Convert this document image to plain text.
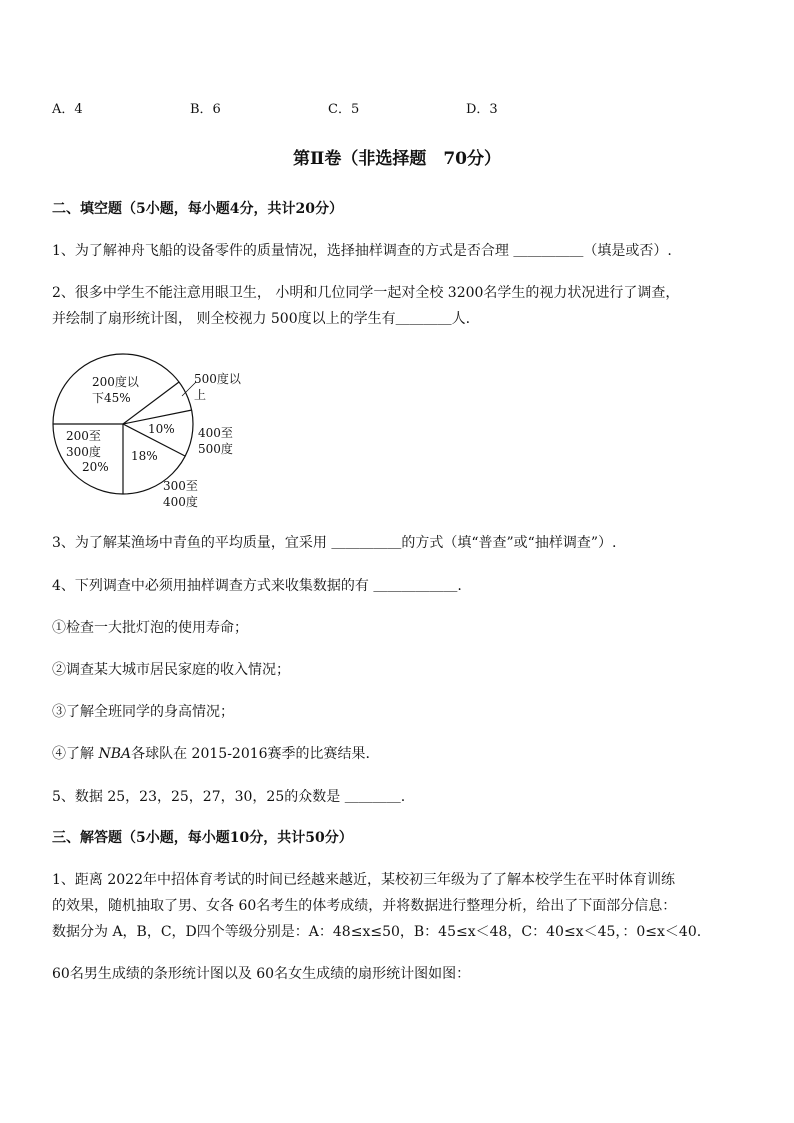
A．4	B．6	C．5	D．3
第Ⅱ卷（非选择题　70分）
二、填空题（5小题，每小题4分，共计20分）
1、为了解神舟飞船的设备零件的质量情况，选择抽样调查的方式是否合理 ＿＿＿＿＿（填是或否）.
2、很多中学生不能注意用眼卫生， 小明和几位同学一起对全校 3200名学生的视力状况进行了调查，
并绘制了扇形统计图， 则全校视力 500度以上的学生有＿＿＿＿人.
200度以
下45%
10%
200至
300度
20%
18%
500度以
上
400至
500度
300至
400度
3、为了解某渔场中青鱼的平均质量，宜采用 ＿＿＿＿＿的方式（填“普查”或“抽样调查”）.
4、下列调查中必须用抽样调查方式来收集数据的有 ＿＿＿＿＿＿.
①检查一大批灯泡的使用寿命；
②调查某大城市居民家庭的收入情况；
③了解全班同学的身高情况；
④了解 NBA各球队在 2015-2016赛季的比赛结果.
5、数据 25，23，25，27，30，25的众数是 ＿＿＿＿.
三、解答题（5小题，每小题10分，共计50分）
1、距离 2022年中招体育考试的时间已经越来越近，某校初三年级为了了解本校学生在平时体育训练
的效果，随机抽取了男、女各 60名考生的体考成绩，并将数据进行整理分析，给出了下面部分信息：
数据分为 A，B，C，D四个等级分别是：A：48≤x≤50，B：45≤x＜48，C：40≤x＜45，：0≤x＜40.
60名男生成绩的条形统计图以及 60名女生成绩的扇形统计图如图：
